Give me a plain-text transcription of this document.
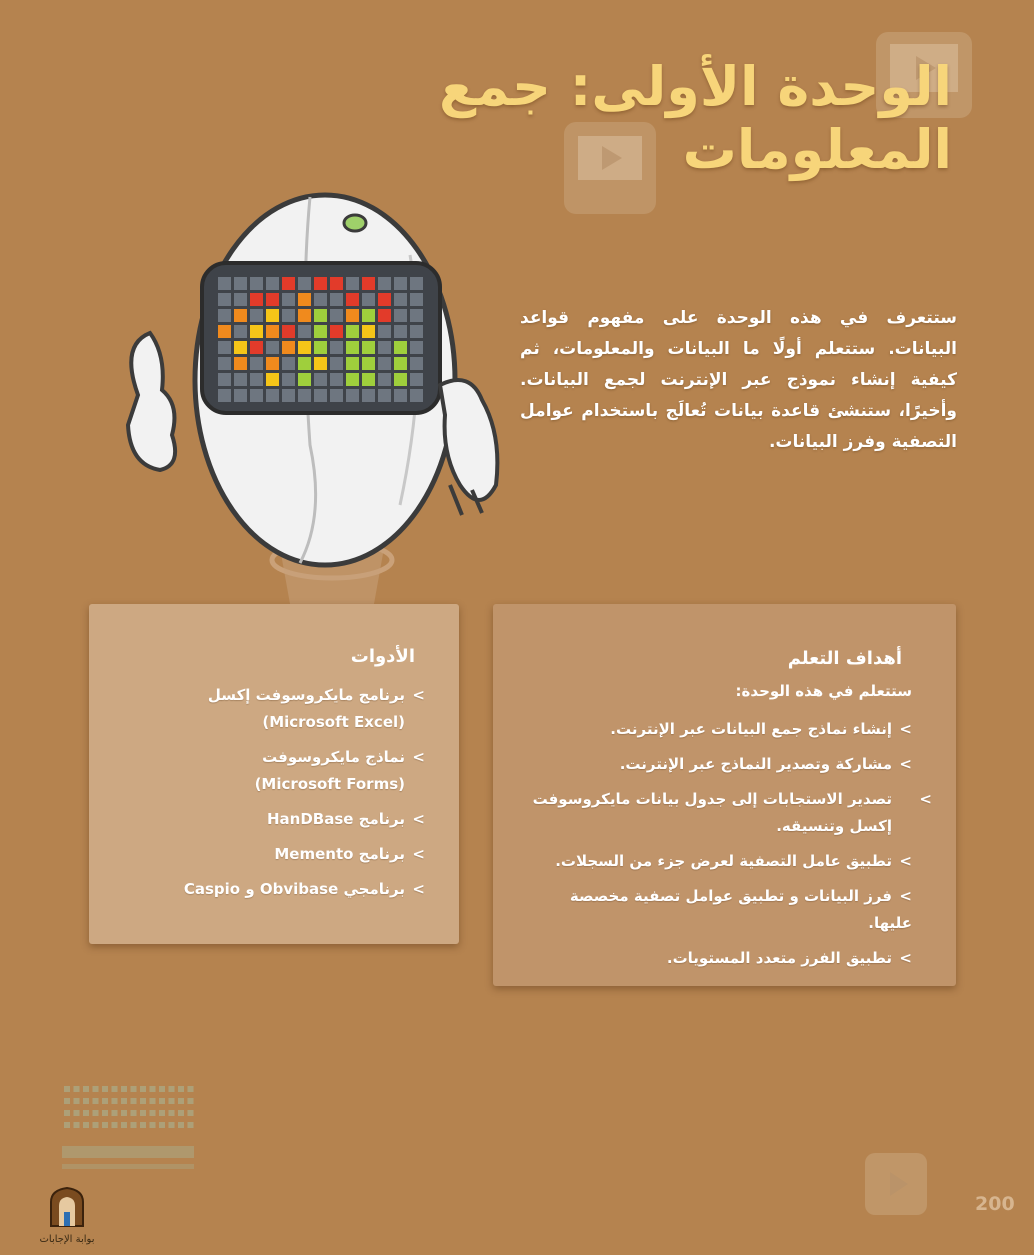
الوحدة الأولى: جمع المعلومات

ستتعرف في هذه الوحدة على مفهوم قواعد البيانات. ستتعلم أولًا ما البيانات والمعلومات، ثم كيفية إنشاء نموذج عبر الإنترنت لجمع البيانات. وأخيرًا، ستنشئ قاعدة بيانات تُعالَج باستخدام عوامل التصفية وفرز البيانات.

أهداف التعلم
ستتعلم في هذه الوحدة:
>إنشاء نماذج جمع البيانات عبر الإنترنت.
>مشاركة وتصدير النماذج عبر الإنترنت.
>تصدير الاستجابات إلى جدول بيانات مايكروسوفت إكسل وتنسيقه.
>تطبيق عامل التصفية لعرض جزء من السجلات.
>فرز البيانات و تطبيق عوامل تصفية مخصصة عليها.
>تطبيق الفرز متعدد المستويات.
الأدوات
>برنامج مايكروسوفت إكسل
(Microsoft Excel)
>نماذج مايكروسوفت
(Microsoft Forms)
>برنامج HanDBase
>برنامج Memento
>برنامجي Obvibase و Caspio
بوابة الإجابات
200
